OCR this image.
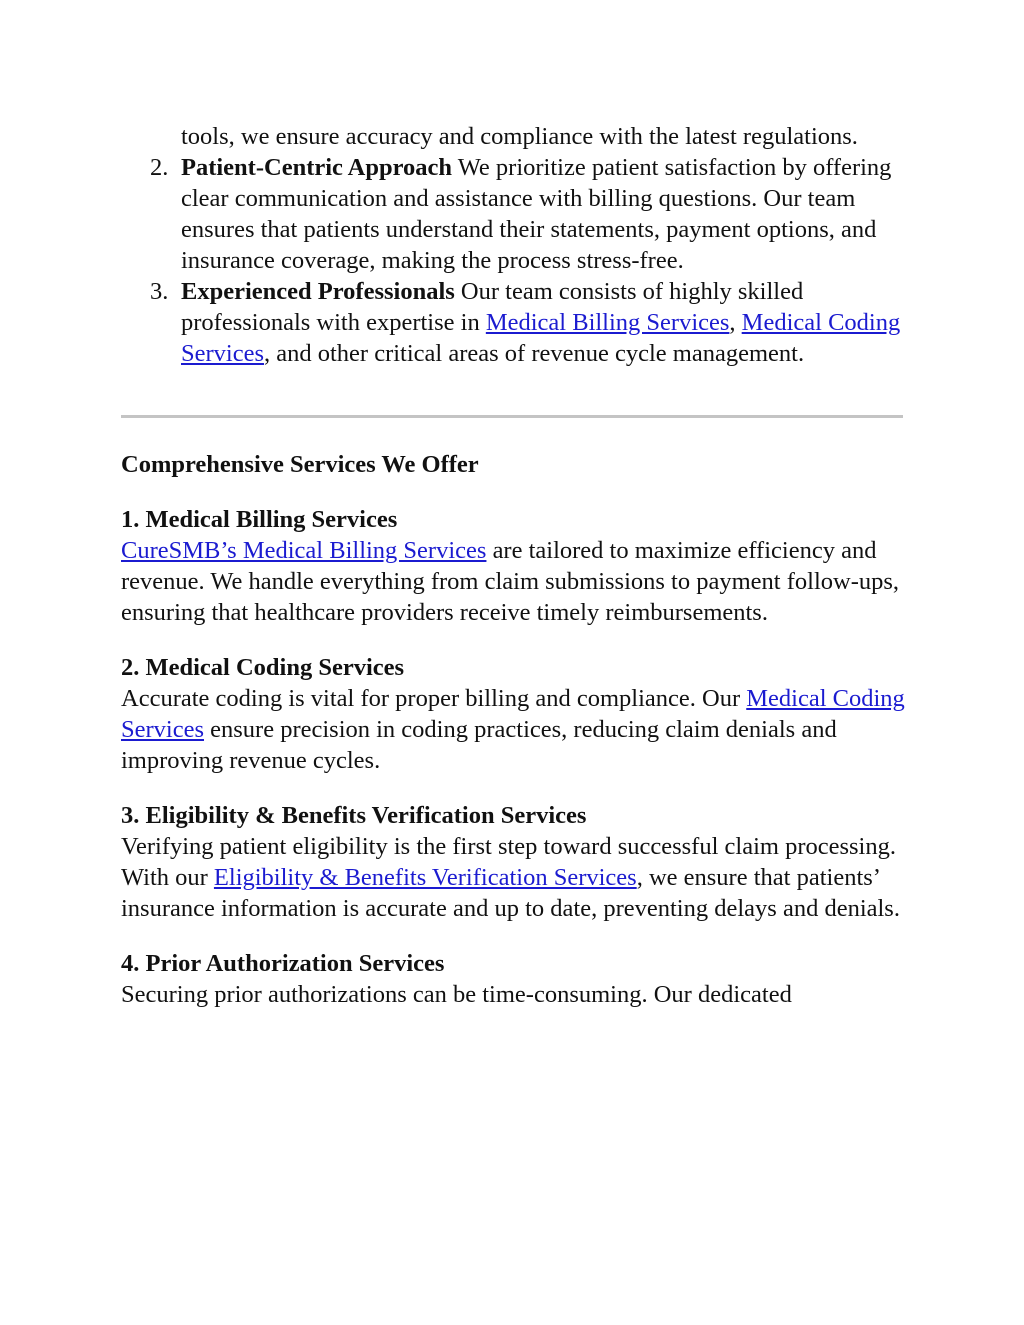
tools, we ensure accuracy and compliance with the latest regulations.
2. Patient-Centric Approach We prioritize patient satisfaction by offering clear communication and assistance with billing questions. Our team ensures that patients understand their statements, payment options, and insurance coverage, making the process stress-free.
3. Experienced Professionals Our team consists of highly skilled professionals with expertise in Medical Billing Services, Medical Coding Services, and other critical areas of revenue cycle management.
Comprehensive Services We Offer
1. Medical Billing Services
CureSMB’s Medical Billing Services are tailored to maximize efficiency and revenue. We handle everything from claim submissions to payment follow-ups, ensuring that healthcare providers receive timely reimbursements.
2. Medical Coding Services
Accurate coding is vital for proper billing and compliance. Our Medical Coding Services ensure precision in coding practices, reducing claim denials and improving revenue cycles.
3. Eligibility & Benefits Verification Services
Verifying patient eligibility is the first step toward successful claim processing. With our Eligibility & Benefits Verification Services, we ensure that patients’ insurance information is accurate and up to date, preventing delays and denials.
4. Prior Authorization Services
Securing prior authorizations can be time-consuming. Our dedicated
